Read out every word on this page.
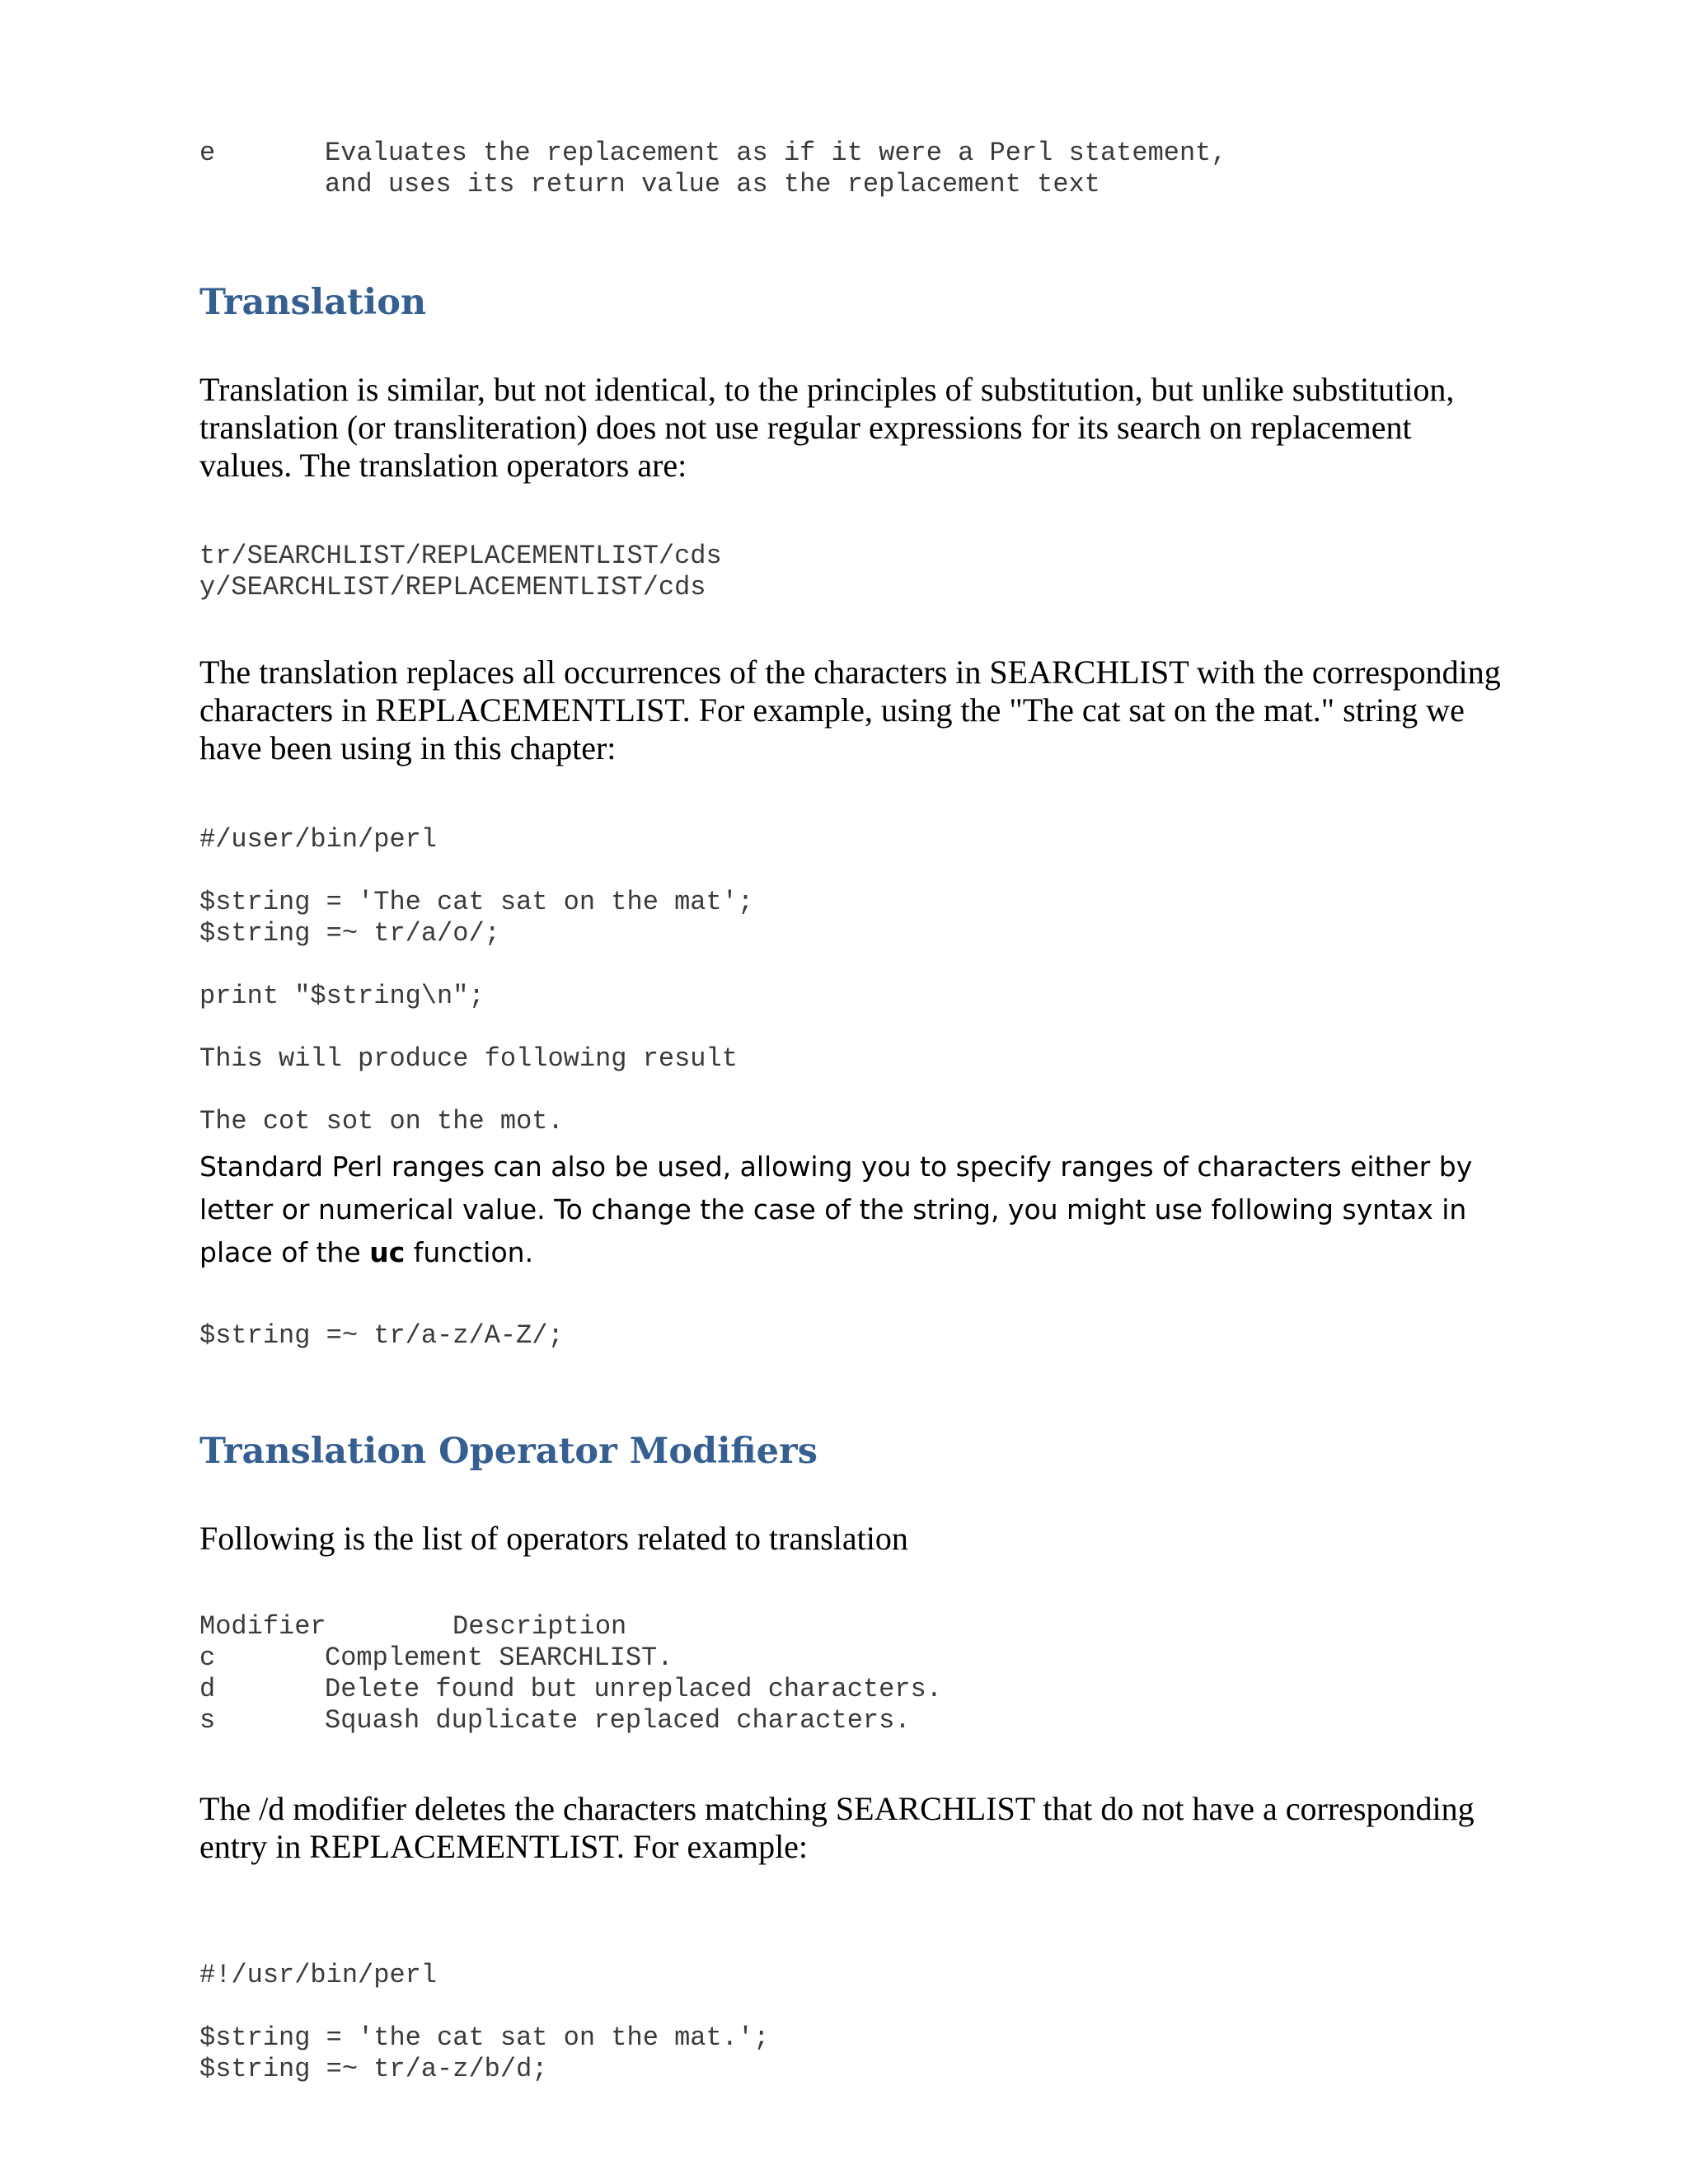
e	Evaluates the replacement as if it were a Perl statement,
and uses its return value as the replacement text
Translation

Translation is similar, but not identical, to the principles of substitution, but unlike substitution, translation (or transliteration) does not use regular expressions for its search on replacement values. The translation operators are:

tr/SEARCHLIST/REPLACEMENTLIST/cds
y/SEARCHLIST/REPLACEMENTLIST/cds

The translation replaces all occurrences of the characters in SEARCHLIST with the corresponding characters in REPLACEMENTLIST. For example, using the "The cat sat on the mat." string we have been using in this chapter:

#/user/bin/perl
$string = 'The cat sat on the mat';
$string =~ tr/a/o/;
print "$string\n";
This will produce following result
The cot sot on the mot.

Standard Perl ranges can also be used, allowing you to specify ranges of characters either by letter or numerical value. To change the case of the string, you might use following syntax in place of the uc function.

$string =~ tr/a-z/A-Z/;
Translation Operator Modifiers

Following is the list of operators related to translation

Modifier	Description
c	Complement SEARCHLIST.
d	Delete found but unreplaced characters.
s	Squash duplicate replaced characters.

The /d modifier deletes the characters matching SEARCHLIST that do not have a corresponding entry in REPLACEMENTLIST. For example:

#!/usr/bin/perl
$string = 'the cat sat on the mat.';
$string =~ tr/a-z/b/d;
